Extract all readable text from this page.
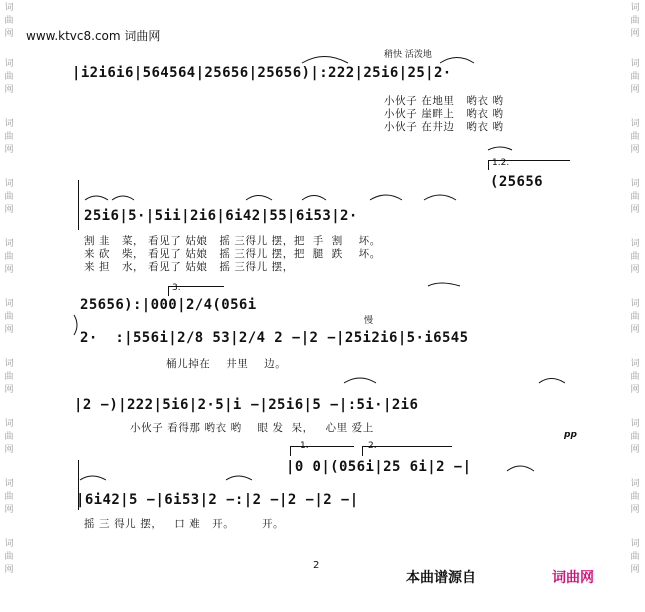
词
曲
网
词
曲
网
词
曲
网
词
曲
网
词
曲
网
词
曲
网
词
曲
网
词
曲
网
词
曲
网
词
曲
网
词
曲
网
词
曲
网
词
曲
网
词
曲
网
词
曲
网
词
曲
网
词
曲
网
词
曲
网
词
曲
网
词
曲
网
www.ktvc8.com 词曲网
稍快 活泼地
|i2i6i6|564564|25656|25656)|:222|25i6|25|2·
小伙子 在地里   哟衣 哟
小伙子 崖畔上   哟衣 哟
小伙子 在井边   哟衣 哟
1.2.
(25656
25i6|5·|5ii|2i6|6i42|55|6i53|2·
割 韭   菜， 看见了 姑娘   摇 三得儿 摆，把  手  割    坏。
来 砍   柴， 看见了 姑娘   摇 三得儿 摆，把  腿  跌    坏。
来 担   水， 看见了 姑娘   摇 三得儿 摆，
3.
25656):|000|2/4(056i
慢
2·  :|556i|2/8 53|2/4 2 −|2 −|25i2i6|5·i6545
桶儿掉在    井里    边。
|2 −)|222|5i6|2·5|i −|25i6|5 −|:5i·|2i6
小伙子 看得那 哟衣 哟    眼 发  呆，   心里 爱上
pp
1.	2.
|0 0|(056i|25 6i|2 −|
|6i42|5 −|6i53|2 −:|2 −|2 −|2 −|
摇 三 得儿 摆，   口 难   开。       开。
2
本曲谱源自	词曲网
